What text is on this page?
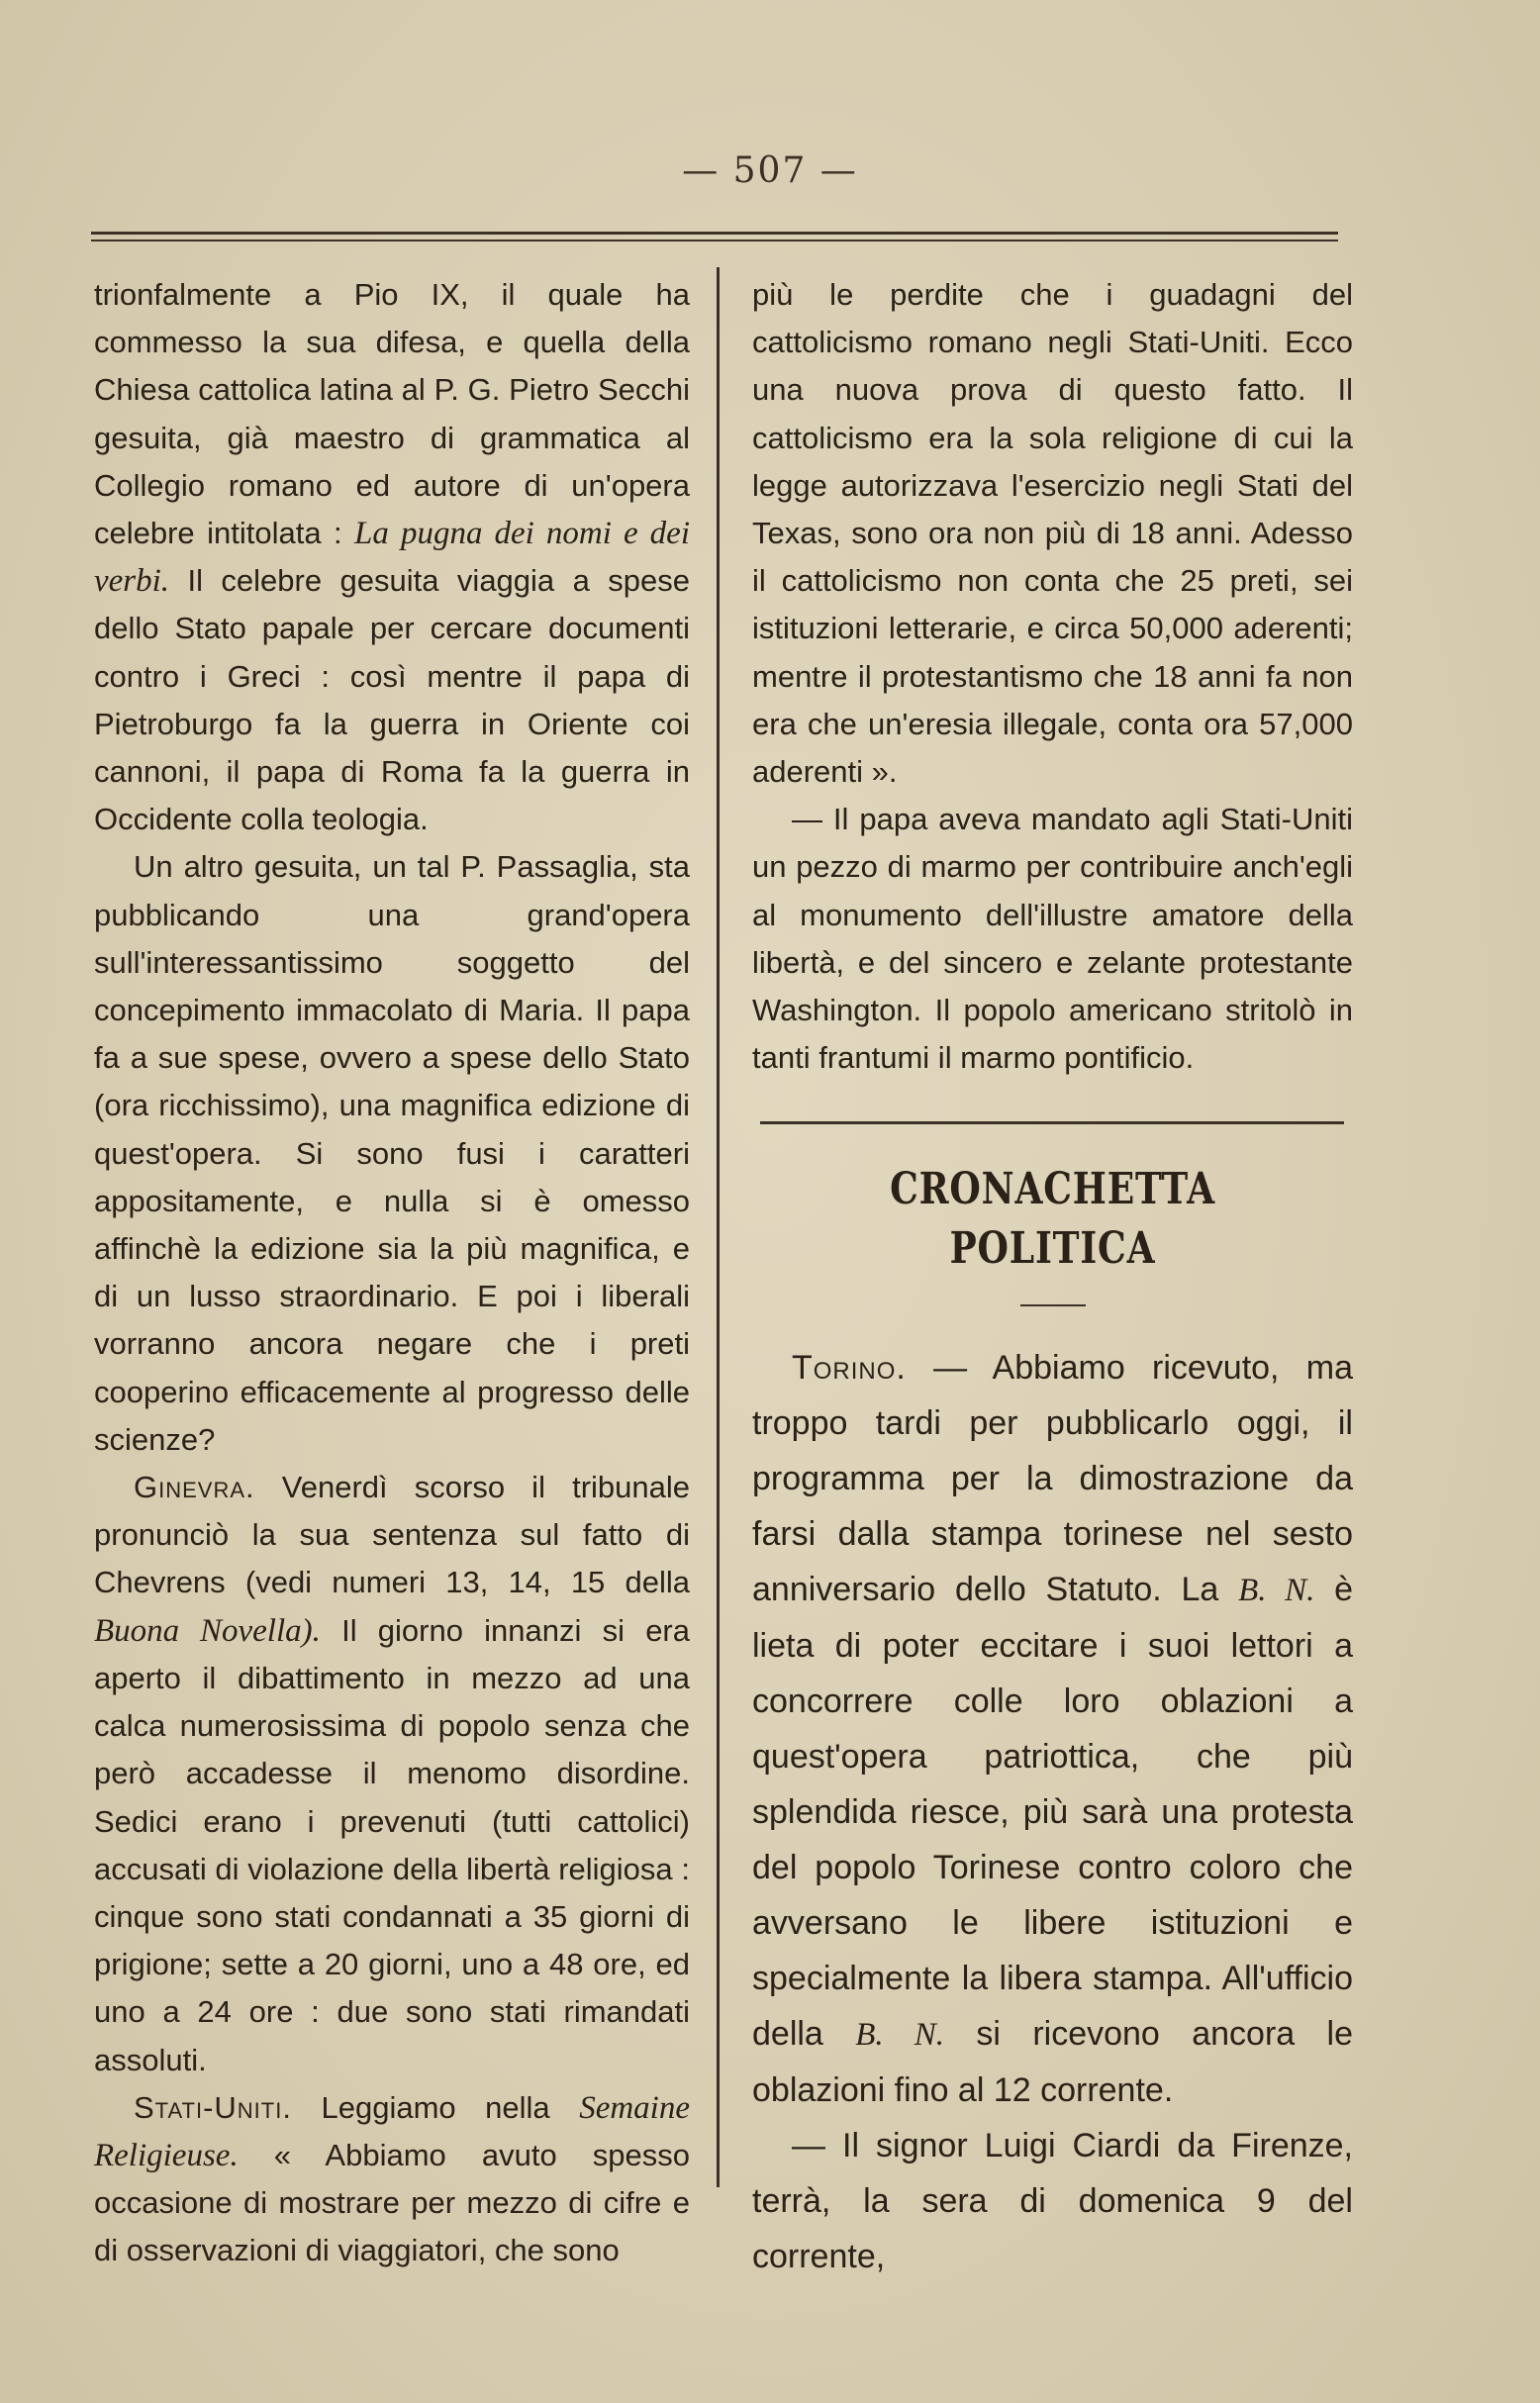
— 507 —

trionfalmente a Pio IX, il quale ha commesso la sua difesa, e quella della Chiesa cattolica latina al P. G. Pietro Secchi gesuita, già maestro di grammatica al Collegio romano ed autore di un'opera celebre intitolata : La pugna dei nomi e dei verbi. Il celebre gesuita viaggia a spese dello Stato papale per cercare documenti contro i Greci : così mentre il papa di Pietroburgo fa la guerra in Oriente coi cannoni, il papa di Roma fa la guerra in Occidente colla teologia.

Un altro gesuita, un tal P. Passaglia, sta pubblicando una grand'opera sull'interessantissimo soggetto del concepimento immacolato di Maria. Il papa fa a sue spese, ovvero a spese dello Stato (ora ricchissimo), una magnifica edizione di quest'opera. Si sono fusi i caratteri appositamente, e nulla si è omesso affinchè la edizione sia la più magnifica, e di un lusso straordinario. E poi i liberali vorranno ancora negare che i preti cooperino efficacemente al progresso delle scienze?

Ginevra. Venerdì scorso il tribunale pronunciò la sua sentenza sul fatto di Chevrens (vedi numeri 13, 14, 15 della Buona Novella). Il giorno innanzi si era aperto il dibattimento in mezzo ad una calca numerosissima di popolo senza che però accadesse il menomo disordine. Sedici erano i prevenuti (tutti cattolici) accusati di violazione della libertà religiosa : cinque sono stati condannati a 35 giorni di prigione; sette a 20 giorni, uno a 48 ore, ed uno a 24 ore : due sono stati rimandati assoluti.

Stati-Uniti. Leggiamo nella Semaine Religieuse. « Abbiamo avuto spesso occasione di mostrare per mezzo di cifre e di osservazioni di viaggiatori, che sono

più le perdite che i guadagni del cattolicismo romano negli Stati-Uniti. Ecco una nuova prova di questo fatto. Il cattolicismo era la sola religione di cui la legge autorizzava l'esercizio negli Stati del Texas, sono ora non più di 18 anni. Adesso il cattolicismo non conta che 25 preti, sei istituzioni letterarie, e circa 50,000 aderenti; mentre il protestantismo che 18 anni fa non era che un'eresia illegale, conta ora 57,000 aderenti ».

— Il papa aveva mandato agli Stati-Uniti un pezzo di marmo per contribuire anch'egli al monumento dell'illustre amatore della libertà, e del sincero e zelante protestante Washington. Il popolo americano stritolò in tanti frantumi il marmo pontificio.

CRONACHETTA POLITICA

Torino. — Abbiamo ricevuto, ma troppo tardi per pubblicarlo oggi, il programma per la dimostrazione da farsi dalla stampa torinese nel sesto anniversario dello Statuto. La B. N. è lieta di poter eccitare i suoi lettori a concorrere colle loro oblazioni a quest'opera patriottica, che più splendida riesce, più sarà una protesta del popolo Torinese contro coloro che avversano le libere istituzioni e specialmente la libera stampa. All'ufficio della B. N. si ricevono ancora le oblazioni fino al 12 corrente.

— Il signor Luigi Ciardi da Firenze, terrà, la sera di domenica 9 del corrente,
